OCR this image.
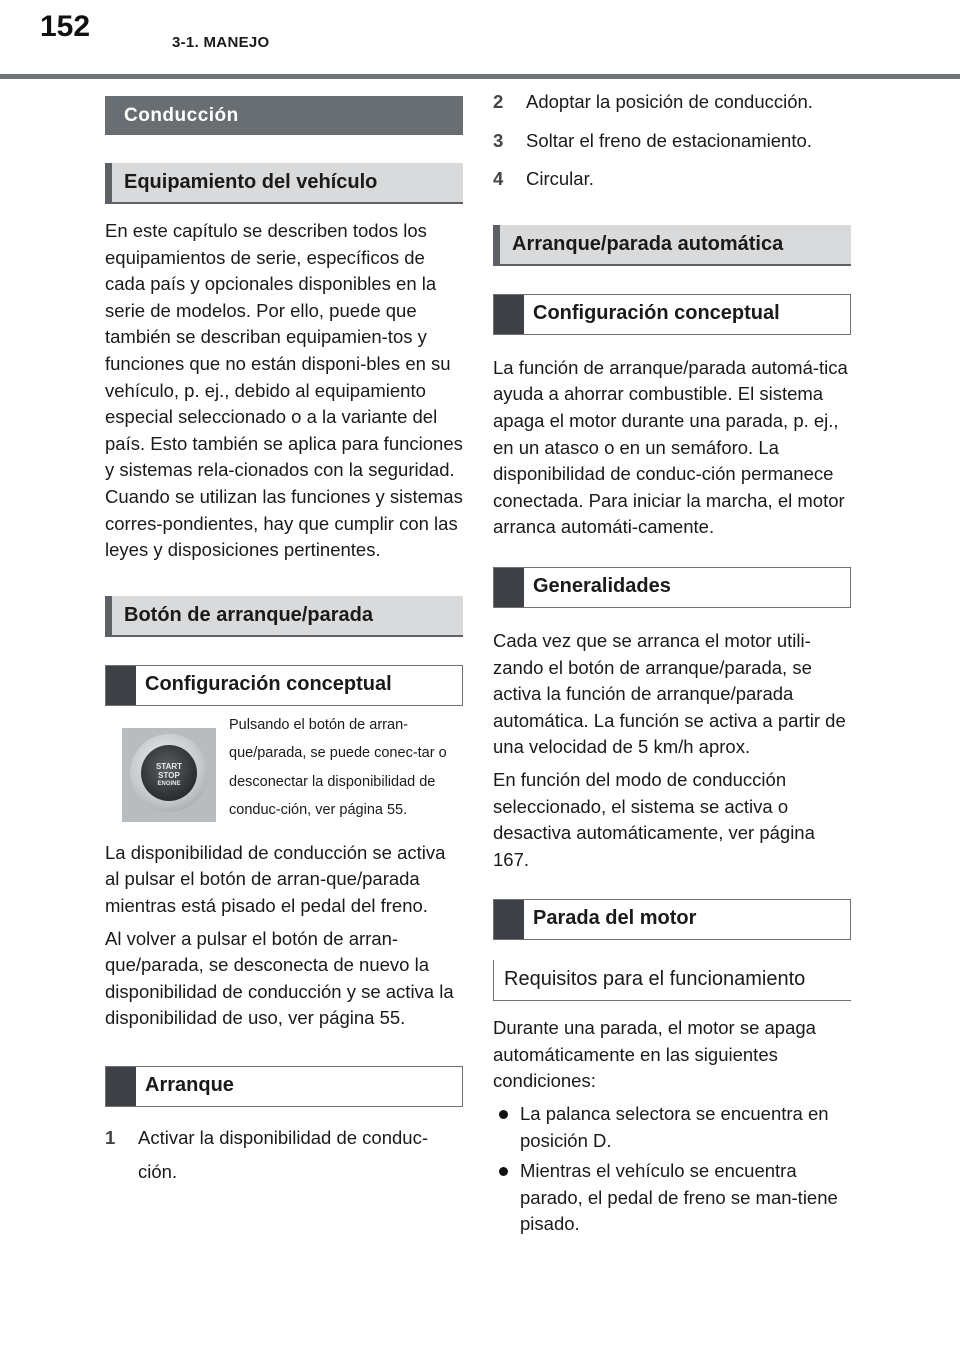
152	3-1. MANEJO
Conducción
Equipamiento del vehículo

En este capítulo se describen todos los equipamientos de serie, específicos de cada país y opcionales disponibles en la serie de modelos. Por ello, puede que también se describan equipamien-tos y funciones que no están disponi-bles en su vehículo, p. ej., debido al equipamiento especial seleccionado o a la variante del país. Esto también se aplica para funciones y sistemas rela-cionados con la seguridad. Cuando se utilizan las funciones y sistemas corres-pondientes, hay que cumplir con las leyes y disposiciones pertinentes.

Botón de arranque/parada
Configuración conceptual
START
STOP
ENGINE
Pulsando el botón de arran-que/parada, se puede conec-tar o desconectar la disponibilidad de conduc-ción, ver página 55.

La disponibilidad de conducción se activa al pulsar el botón de arran-que/parada mientras está pisado el pedal del freno.

Al volver a pulsar el botón de arran-que/parada, se desconecta de nuevo la disponibilidad de conducción y se activa la disponibilidad de uso, ver página 55.

Arranque
1 Activar la disponibilidad de conduc-ción.
2 Adoptar la posición de conducción.
3 Soltar el freno de estacionamiento.
4 Circular.
Arranque/parada automática
Configuración conceptual

La función de arranque/parada automá-tica ayuda a ahorrar combustible. El sistema apaga el motor durante una parada, p. ej., en un atasco o en un semáforo. La disponibilidad de conduc-ción permanece conectada. Para iniciar la marcha, el motor arranca automáti-camente.

Generalidades

Cada vez que se arranca el motor utili-zando el botón de arranque/parada, se activa la función de arranque/parada automática. La función se activa a partir de una velocidad de 5 km/h aprox.

En función del modo de conducción seleccionado, el sistema se activa o desactiva automáticamente, ver página 167.

Parada del motor
Requisitos para el funcionamiento

Durante una parada, el motor se apaga automáticamente en las siguientes condiciones:

La palanca selectora se encuentra en posición D.
Mientras el vehículo se encuentra parado, el pedal de freno se man-tiene pisado.
